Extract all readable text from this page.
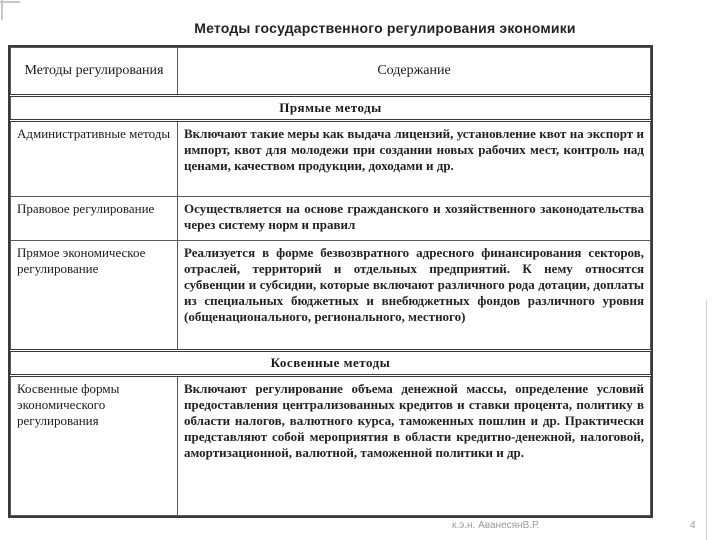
Методы государственного регулирования экономики
Методы регулирования	Содержание
Прямые методы	
Административные методы	Включают такие меры как выдача лицензий, установление квот на экспорт и импорт, квот для молодежи при создании новых рабочих мест, контроль над ценами, качеством продукции, доходами и др.
Правовое регулирование	Осуществляется на основе гражданского и хозяйственного законодательства через систему норм и правил
Прямое экономическое регулирование	Реализуется в форме безвозвратного адресного финансирования секторов, отраслей, территорий и отдельных предприятий. К нему относятся субвенции и субсидии, которые включают различного рода дотации, доплаты из специальных бюджетных и внебюджетных фондов различного уровня (общенационального, регионального, местного)
Косвенные методы	
Косвенные формы экономического регулирования	Включают регулирование объема денежной массы, определение условий предоставления централизованных кредитов и ставки процента, политику в области налогов, валютного курса, таможенных пошлин и др. Практически представляют собой мероприятия в области кредитно-денежной, налоговой, амортизационной, валютной, таможенной политики и др.
к.э.н. АванесянВ.Р.	4
